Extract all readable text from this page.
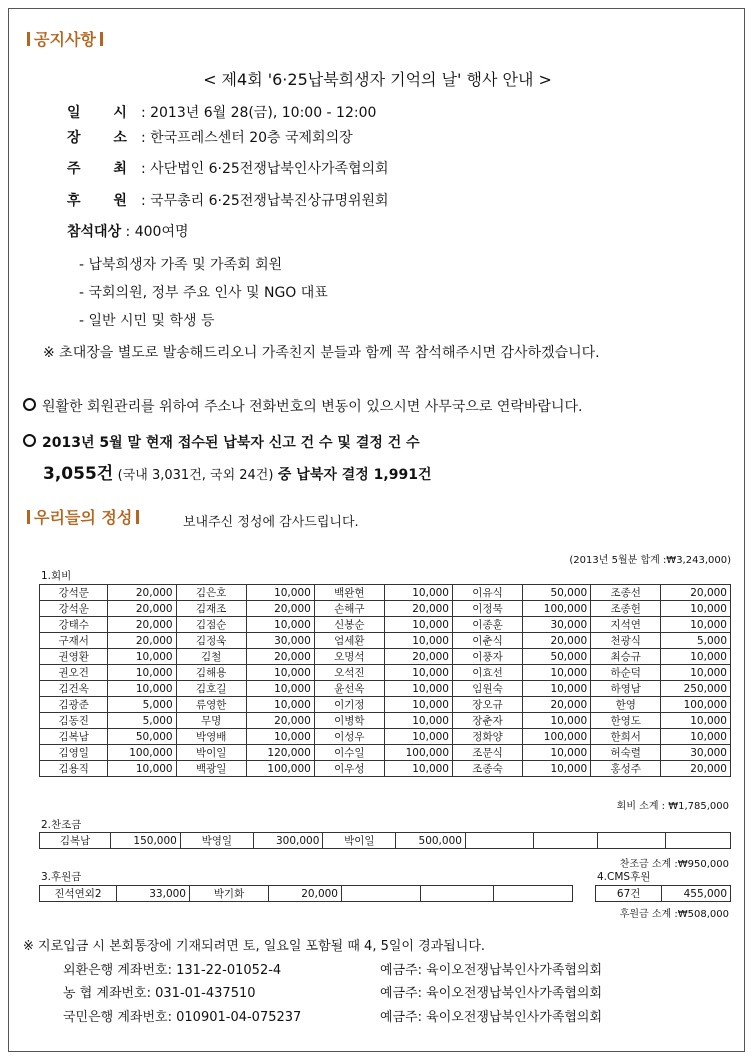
공지사항
< 제4회 '6·25납북희생자 기억의 날' 행사 안내 >
일 시: 2013년 6월 28(금), 10:00 - 12:00
장 소: 한국프레스센터 20층 국제회의장
주 최: 사단법인 6·25전쟁납북인사가족협의회
후 원: 국무총리 6·25전쟁납북진상규명위원회
참석대상 : 400여명
- 납북희생자 가족 및 가족회 회원
- 국회의원, 정부 주요 인사 및 NGO 대표
- 일반 시민 및 학생 등
※ 초대장을 별도로 발송해드리오니 가족친지 분들과 함께 꼭 참석해주시면 감사하겠습니다.
원활한 회원관리를 위하여 주소나 전화번호의 변동이 있으시면 사무국으로 연락바랍니다.
2013년 5월 말 현재 접수된 납북자 신고 건 수 및 결정 건 수
3,055건 (국내 3,031건, 국외 24건) 중 납북자 결정 1,991건
우리들의 정성	보내주신 정성에 감사드립니다.
(2013년 5월분 합계 :₩3,243,000)
1.회비
강석문	20,000	김은호	10,000	백완현	10,000	이유식	50,000	조종선	20,000
강석운	20,000	김재조	20,000	손해구	20,000	이정묵	100,000	조종헌	10,000
강태수	20,000	김점순	10,000	신봉순	10,000	이종훈	30,000	지석연	10,000
구재서	20,000	김정욱	30,000	엄세환	10,000	이춘식	20,000	천광식	5,000
권영환	10,000	김철	20,000	오명석	20,000	이풍자	50,000	최승규	10,000
권오건	10,000	김해용	10,000	오석진	10,000	이효선	10,000	하순덕	10,000
김건옥	10,000	김호길	10,000	윤선옥	10,000	임원숙	10,000	하영남	250,000
김광준	5,000	류영한	10,000	이기정	10,000	장오규	20,000	한영	100,000
김동진	5,000	무명	20,000	이병학	10,000	장춘자	10,000	한영도	10,000
김복남	50,000	박영배	10,000	이성우	10,000	정화양	100,000	한희서	10,000
김영일	100,000	박이일	120,000	이수일	100,000	조문식	10,000	허숙렬	30,000
김용직	10,000	백광일	100,000	이우성	10,000	조종숙	10,000	홍성주	20,000
회비 소계 : ₩1,785,000
2.찬조금
김복남	150,000	박영일	300,000	박이일	500,000				
찬조금 소계 :₩950,000
3.후원금
진석연외2	33,000	박기화	20,000			
4.CMS후원
67건	455,000
후원금 소계 :₩508,000
※ 지로입금 시 본회통장에 기재되려면 토, 일요일 포함될 때 4, 5일이 경과됩니다.
외환은행 계좌번호: 131-22-01052-4	예금주: 육이오전쟁납북인사가족협의회
농 협 계좌번호: 031-01-437510	예금주: 육이오전쟁납북인사가족협의회
국민은행 계좌번호: 010901-04-075237	예금주: 육이오전쟁납북인사가족협의회
